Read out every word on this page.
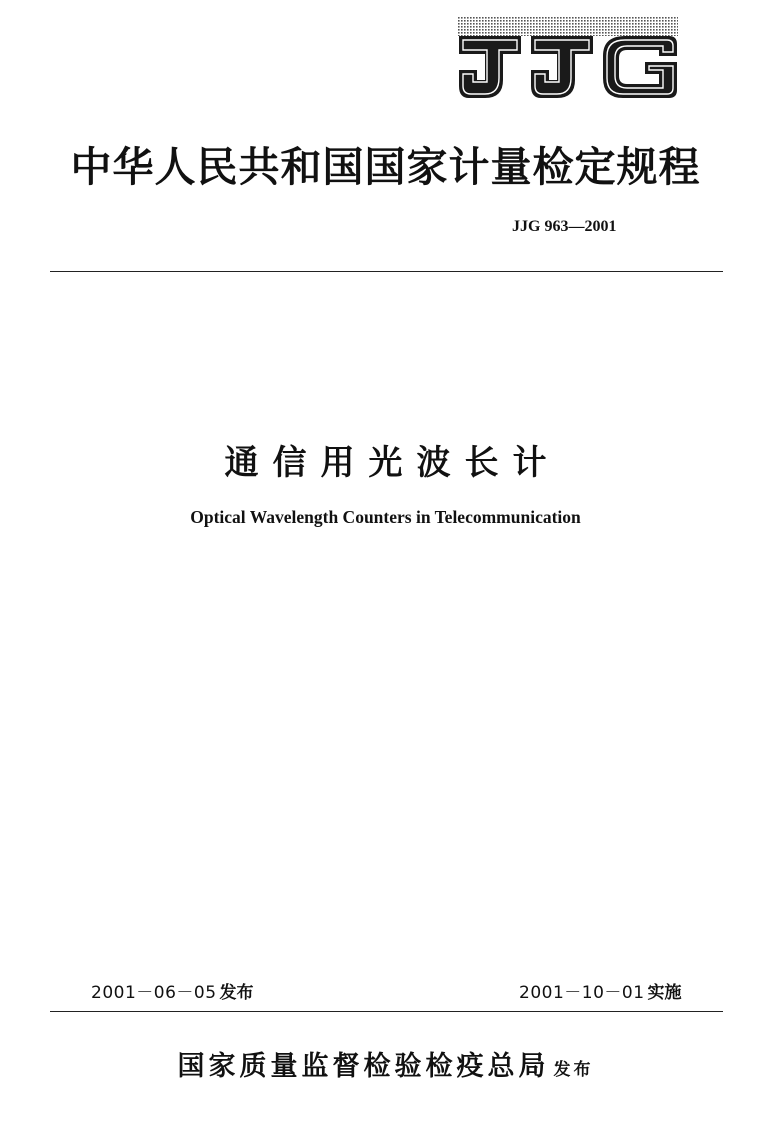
中华人民共和国国家计量检定规程
JJG 963—2001
通信用光波长计
Optical Wavelength Counters in Telecommunication
2001－06－05 发布	2001－10－01 实施
国家质量监督检验检疫总局 发布
